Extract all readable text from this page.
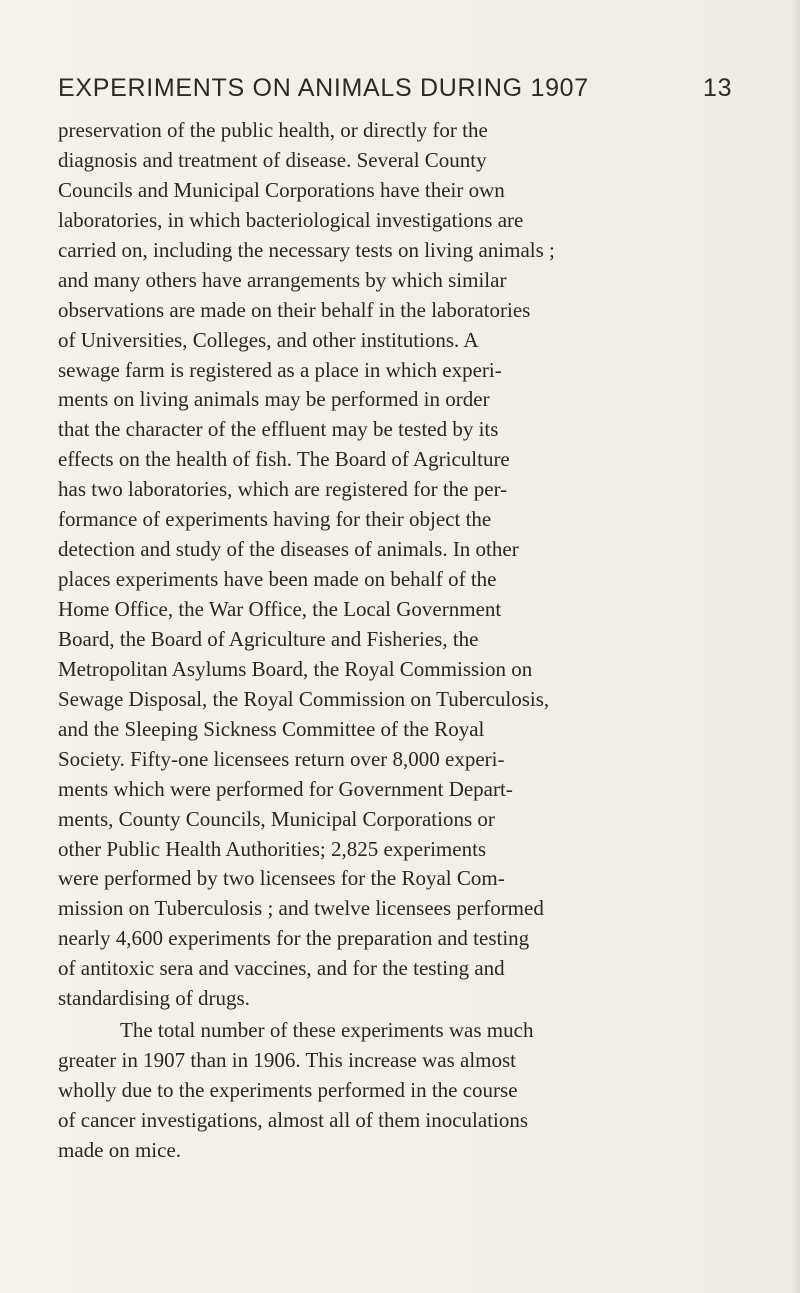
EXPERIMENTS ON ANIMALS DURING 1907	13
preservation of the public health, or directly for the
diagnosis and treatment of disease. Several County
Councils and Municipal Corporations have their own
laboratories, in which bacteriological investigations are
carried on, including the necessary tests on living animals ;
and many others have arrangements by which similar
observations are made on their behalf in the laboratories
of Universities, Colleges, and other institutions. A
sewage farm is registered as a place in which experi-
ments on living animals may be performed in order
that the character of the effluent may be tested by its
effects on the health of fish. The Board of Agriculture
has two laboratories, which are registered for the per-
formance of experiments having for their object the
detection and study of the diseases of animals. In other
places experiments have been made on behalf of the
Home Office, the War Office, the Local Government
Board, the Board of Agriculture and Fisheries, the
Metropolitan Asylums Board, the Royal Commission on
Sewage Disposal, the Royal Commission on Tuberculosis,
and the Sleeping Sickness Committee of the Royal
Society. Fifty-one licensees return over 8,000 experi-
ments which were performed for Government Depart-
ments, County Councils, Municipal Corporations or
other Public Health Authorities; 2,825 experiments
were performed by two licensees for the Royal Com-
mission on Tuberculosis ; and twelve licensees performed
nearly 4,600 experiments for the preparation and testing
of antitoxic sera and vaccines, and for the testing and
standardising of drugs.
The total number of these experiments was much
greater in 1907 than in 1906. This increase was almost
wholly due to the experiments performed in the course
of cancer investigations, almost all of them inoculations
made on mice.
